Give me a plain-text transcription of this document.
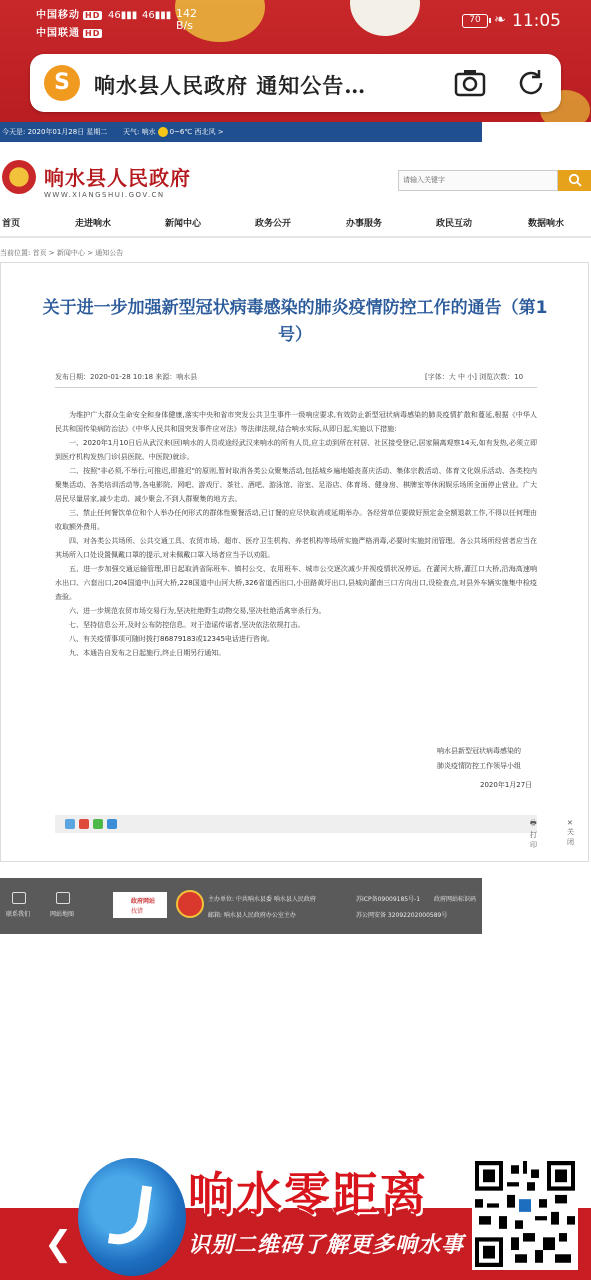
中国移动 HD
中国联通 HD
46▮▮▮ 46▮▮▮ 142
B/s	70 ❧ 11:05
S	响水县人民政府 通知公告…
今天是: 2020年01月28日 星期二 天气: 响水 0~6℃ 西北风 >
响水县人民政府
WWW.XIANGSHUI.GOV.CN
请输入关键字
首页	走进响水	新闻中心	政务公开	办事服务	政民互动	数据响水
当前位置: 首页 > 新闻中心 > 通知公告
关于进一步加强新型冠状病毒感染的肺炎疫情防控工作的通告（第1号）
发布日期：2020-01-28 10:18 来源：响水县	[字体：大 中 小] 浏览次数：10

为维护广大群众生命安全和身体健康,落实中央和省市突发公共卫生事件一级响应要求,有效防止新型冠状病毒感染的肺炎疫情扩散和蔓延,根据《中华人民共和国传染病防治法》《中华人民共和国突发事件应对法》等法律法规,结合响水实际,从即日起,实施以下措施:

一、2020年1月10日后从武汉来(回)响水的人员或途经武汉来响水的所有人员,应主动到所在村居、社区接受登记,居家隔离观察14天,如有发热,必须立即到医疗机构发热门诊(县医院、中医院)就诊。

二、按照"非必须,不举行;可推迟,即推迟"的原则,暂时取消各类公众聚集活动,包括城乡遍地婚丧喜庆活动、集体宗教活动、体育文化娱乐活动、各类校内聚集活动、各类培训活动等,各电影院、网吧、游戏厅、茶社、酒吧、游泳馆、浴室、足浴店、体育场、健身房、棋牌室等休闲娱乐场所全面停止营业。广大居民尽量居家,减少走动、减少聚会,不到人群聚集的地方去。

三、禁止任何餐饮单位和个人举办任何形式的群体性聚餐活动,已订餐的应尽快取消或延期举办。各经营单位要做好预定金全额退款工作,不得以任何理由收取额外费用。

四、对各类公共场所、公共交通工具、农贸市场、超市、医疗卫生机构、养老机构等场所实施严格消毒,必要时实施封闭管理。各公共场所经营者应当在其场所入口处设置佩戴口罩的提示,对未佩戴口罩入场者应当予以劝阻。

五、进一步加强交通运输管理,即日起取消省际班车、镇村公交、农用班车、城市公交逐次减少并视疫情状况停运。在灌河大桥,灌江口大桥,沿海高速响水出口、六套出口,204国道中山河大桥,228国道中山河大桥,326省道西出口,小田路黄圩出口,县城向灌南三口方向出口,设检查点,对县外车辆实施集中检疫查验。

六、进一步规范农贸市场交易行为,坚决杜绝野生动物交易,坚决杜绝活禽宰杀行为。

七、坚持信息公开,及时公布防控信息。对于造谣传谣者,坚决依法依规打击。

八、有关疫情事项可随时拨打86879183或12345电话进行咨询。

九、本通告自发布之日起施行,终止日期另行通知。

响水县新型冠状病毒感染的
肺炎疫情防控工作领导小组
2020年1月27日
🖶 打印
✕ 关闭
联系我们	网站地图
政府网站
找错
主办单位: 中共响水县委 响水县人民政府
邮箱: 响水县人民政府办公室主办
苏ICP备09009185号-1 政府网站标识码
苏公网安备 32092202000589号
❮
响水零距离
识别二维码了解更多响水事
